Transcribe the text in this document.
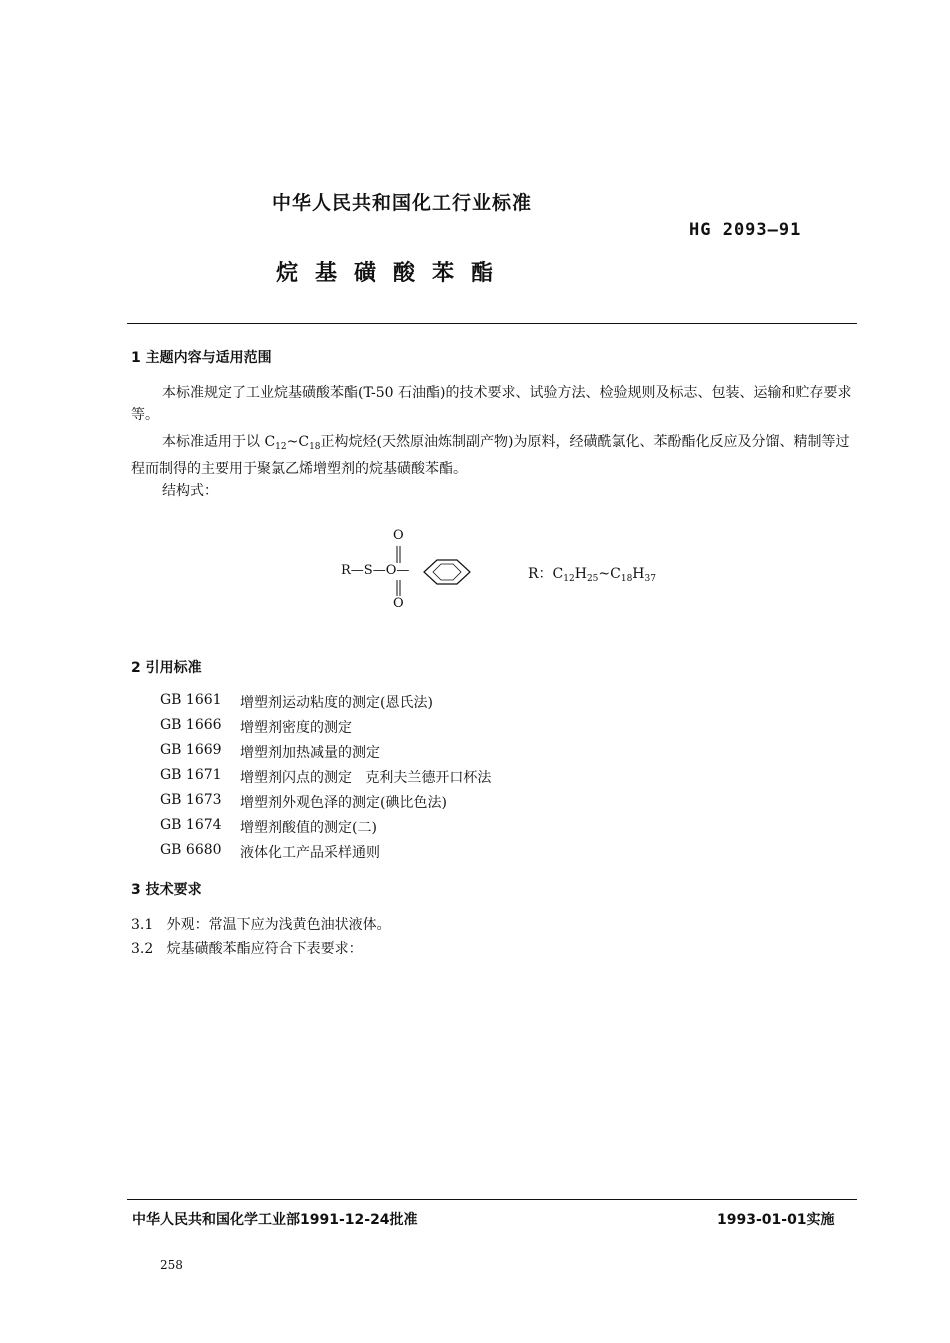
中华人民共和国化工行业标准
HG 2093—91
烷基磺酸苯酯
1 主题内容与适用范围
本标准规定了工业烷基磺酸苯酯(T-50 石油酯)的技术要求、试验方法、检验规则及标志、包装、运输和贮存要求等。
本标准适用于以 $C_{12}\sim C_{18}$正构烷烃(天然原油炼制副产物)为原料，经磺酰氯化、苯酚酯化反应及分馏、精制等过程而制得的主要用于聚氯乙烯增塑剂的烷基磺酸苯酯。
结构式：
O
R—S—O—
O
R：$C_{12}H_{25}\sim C_{18}H_{37}$
2 引用标准
GB 1661 增塑剂运动粘度的测定(恩氏法)
GB 1666 增塑剂密度的测定
GB 1669 增塑剂加热减量的测定
GB 1671 增塑剂闪点的测定   克利夫兰德开口杯法
GB 1673 增塑剂外观色泽的测定(碘比色法)
GB 1674 增塑剂酸值的测定(二)
GB 6680 液体化工产品采样通则
3 技术要求
3.1   外观：常温下应为浅黄色油状液体。
3.2   烷基磺酸苯酯应符合下表要求：
中华人民共和国化学工业部1991-12-24批准	1993-01-01实施
258
